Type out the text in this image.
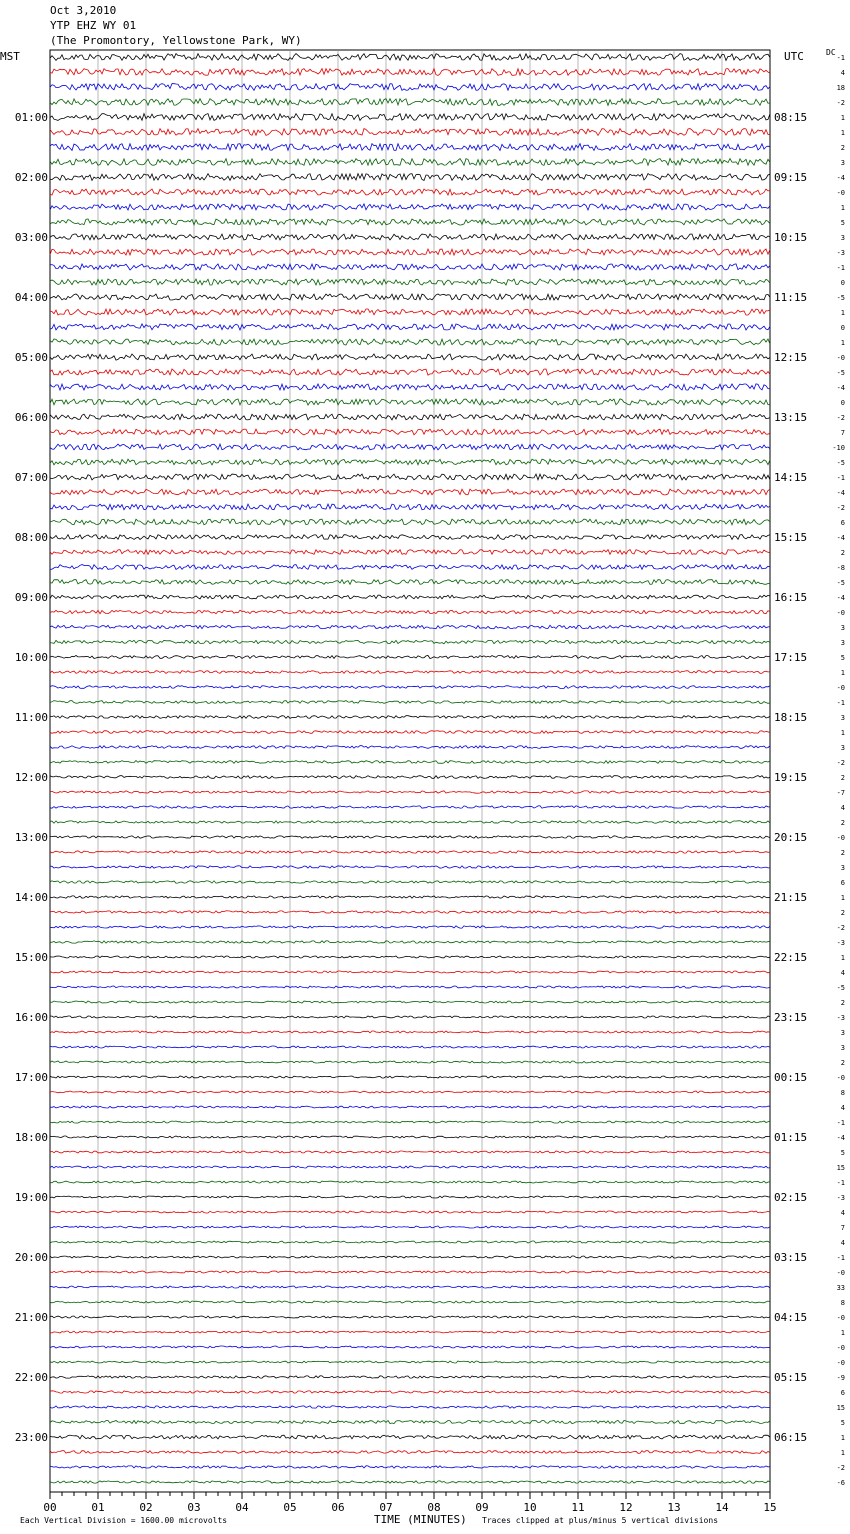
Oct 3,2010
YTP EHZ WY 01
(The Promontory, Yellowstone Park, WY)
MST	UTC	DC
-1
4
18
-2
1
1
2
3
-4
-0
1
5
3
-3
-1
0
-5
1
0
1
-0
-5
-4
0
-2
7
-10
-5
-1
-4
-2
6
-4
2
-8
-5
-4
-0
3
3
5
1
-0
-1
3
1
3
-2
2
-7
4
2
-0
2
3
6
1
2
-2
-3
1
4
-5
2
-3
3
3
2
-0
8
4
-1
-4
5
15
-1
-3
4
7
4
-1
-0
33
8
-0
1
-0
-0
-9
6
15
5
1
1
-2
-6
01:00	08:15
02:00	09:15
03:00	10:15
04:00	11:15
05:00	12:15
06:00	13:15
07:00	14:15
08:00	15:15
09:00	16:15
10:00	17:15
11:00	18:15
12:00	19:15
13:00	20:15
14:00	21:15
15:00	22:15
16:00	23:15
17:00	00:15
18:00	01:15
19:00	02:15
20:00	03:15
21:00	04:15
22:00	05:15
23:00	06:15
00	01	02	03	04	05	06	07	08	09	10	11	12	13	14	15
TIME (MINUTES)
Each Vertical Division = 1600.00 microvolts	Traces clipped at plus/minus 5 vertical divisions
